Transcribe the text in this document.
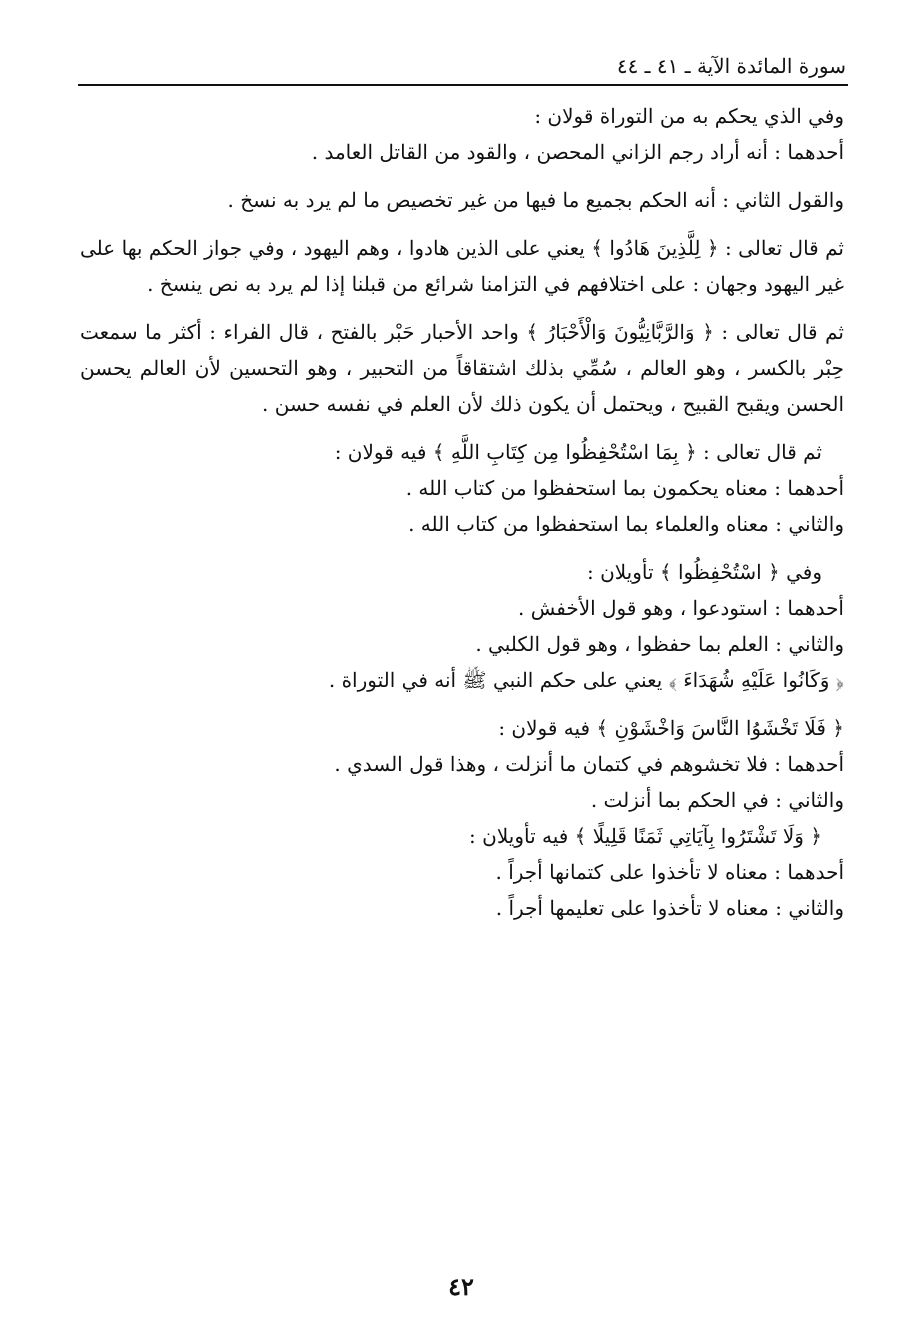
سورة المائدة الآية ـ ٤١ ـ ٤٤

وفي الذي يحكم به من التوراة قولان :

أحدهما : أنه أراد رجم الزاني المحصن ، والقود من القاتل العامد .

والقول الثاني : أنه الحكم بجميع ما فيها من غير تخصيص ما لم يرد به نسخ .

ثم قال تعالى : ﴿ لِلَّذِينَ هَادُوا ﴾ يعني على الذين هادوا ، وهم اليهود ، وفي جواز الحكم بها على غير اليهود وجهان : على اختلافهم في التزامنا شرائع من قبلنا إذا لم يرد به نص ينسخ .

ثم قال تعالى : ﴿ وَالرَّبَّانِيُّونَ وَالْأَحْبَارُ ﴾ واحد الأحبار حَبْر بالفتح ، قال الفراء : أكثر ما سمعت حِبْر بالكسر ، وهو العالم ، سُمِّي بذلك اشتقاقاً من التحبير ، وهو التحسين لأن العالم يحسن الحسن ويقبح القبيح ، ويحتمل أن يكون ذلك لأن العلم في نفسه حسن .

ثم قال تعالى : ﴿ بِمَا اسْتُحْفِظُوا مِن كِتَابِ اللَّهِ ﴾ فيه قولان :

أحدهما : معناه يحكمون بما استحفظوا من كتاب الله .

والثاني : معناه والعلماء بما استحفظوا من كتاب الله .

وفي ﴿ اسْتُحْفِظُوا ﴾ تأويلان :

أحدهما : استودعوا ، وهو قول الأخفش .

والثاني : العلم بما حفظوا ، وهو قول الكلبي .

﴿ وَكَانُوا عَلَيْهِ شُهَدَاءَ ﴾ يعني على حكم النبي ﷺ أنه في التوراة .

﴿ فَلَا تَخْشَوُا النَّاسَ وَاخْشَوْنِ ﴾ فيه قولان :

أحدهما : فلا تخشوهم في كتمان ما أنزلت ، وهذا قول السدي .

والثاني : في الحكم بما أنزلت .

﴿ وَلَا تَشْتَرُوا بِآيَاتِي ثَمَنًا قَلِيلًا ﴾ فيه تأويلان :

أحدهما : معناه لا تأخذوا على كتمانها أجراً .

والثاني : معناه لا تأخذوا على تعليمها أجراً .

٤٢
